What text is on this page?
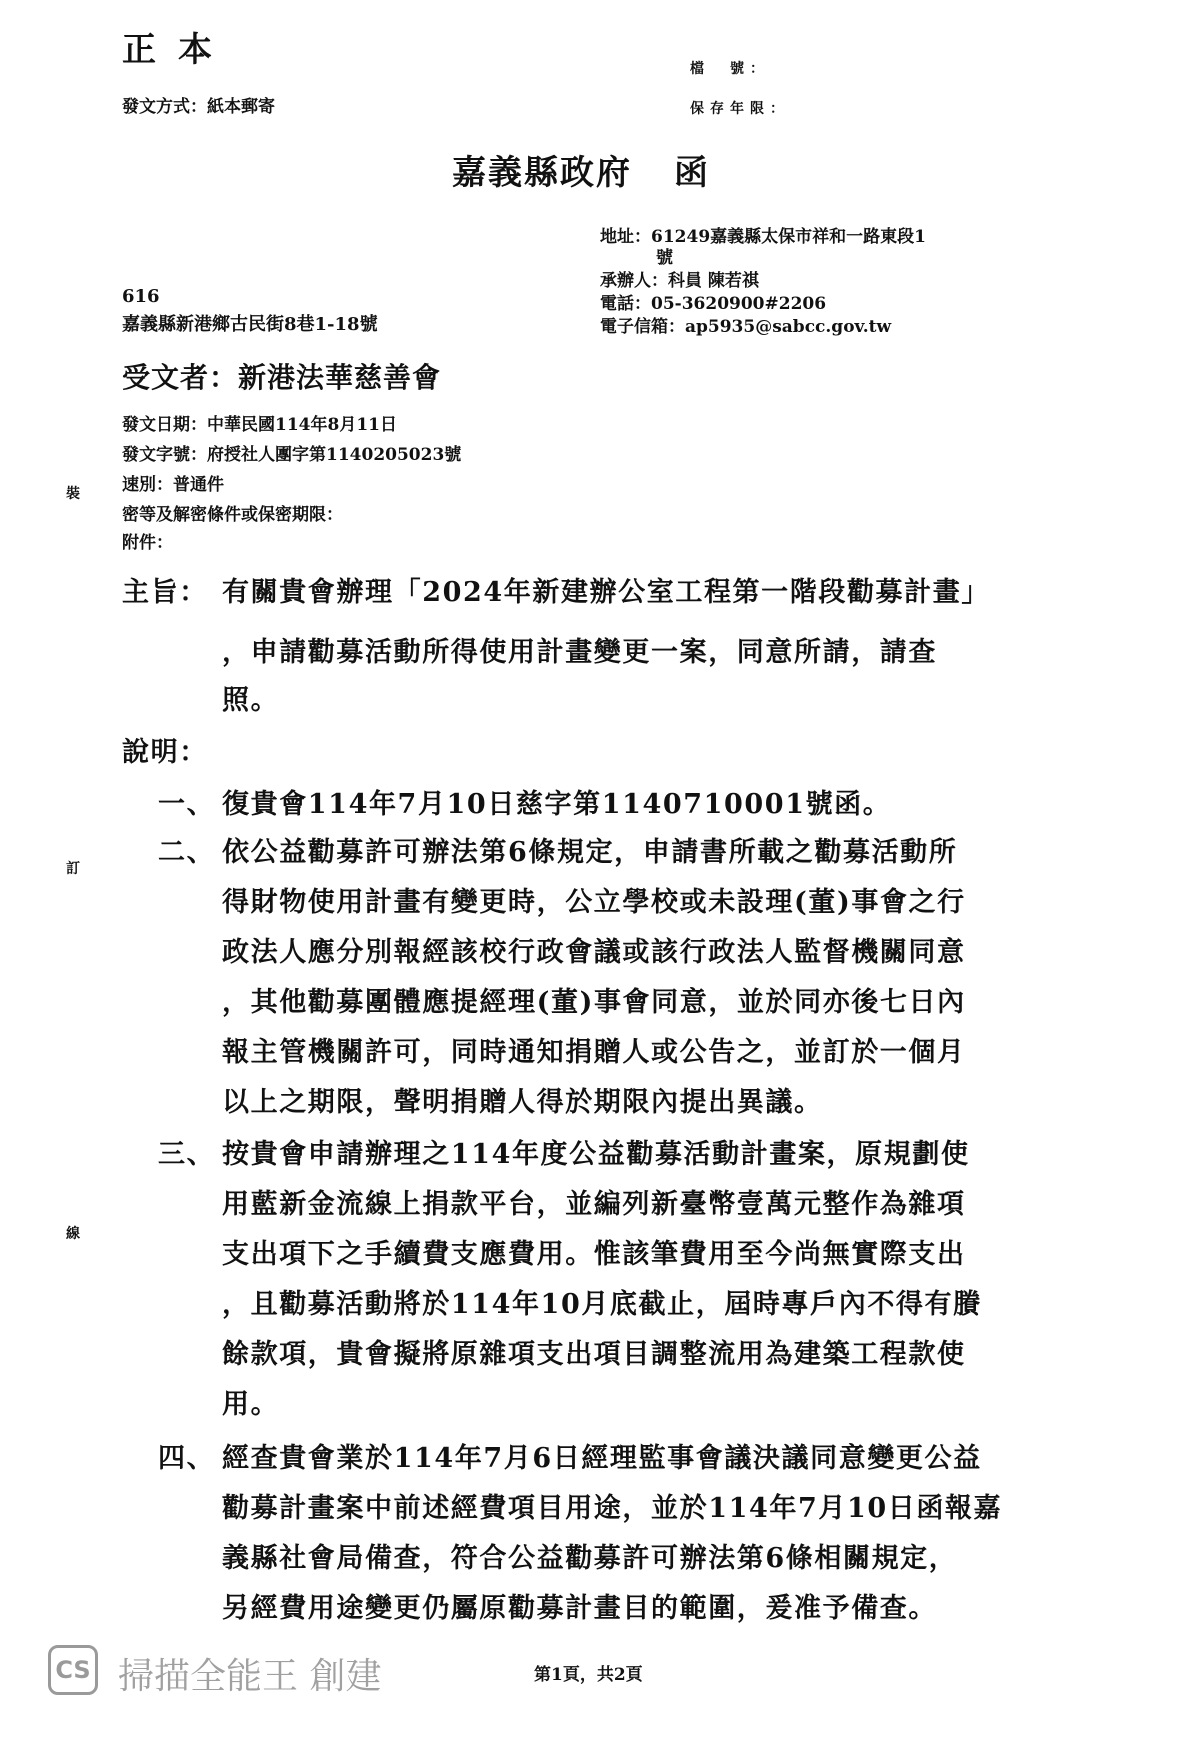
正本
發文方式：紙本郵寄
檔　號：
保存年限：
嘉義縣政府 函
地址：61249嘉義縣太保市祥和一路東段1
號
承辦人：科員 陳若祺
電話：05-3620900#2206
電子信箱：ap5935@sabcc.gov.tw
616
嘉義縣新港鄉古民街8巷1-18號
受文者：新港法華慈善會
發文日期：中華民國114年8月11日
發文字號：府授社人團字第1140205023號
速別：普通件
密等及解密條件或保密期限：
附件：
裝
訂
線
主旨： 有關貴會辦理「2024年新建辦公室工程第一階段勸募計畫」
，申請勸募活動所得使用計畫變更一案，同意所請，請查
照。
說明：
一、 復貴會114年7月10日慈字第1140710001號函。
二、 依公益勸募許可辦法第6條規定，申請書所載之勸募活動所
得財物使用計畫有變更時，公立學校或未設理(董)事會之行
政法人應分別報經該校行政會議或該行政法人監督機關同意
，其他勸募團體應提經理(董)事會同意，並於同亦後七日內
報主管機關許可，同時通知捐贈人或公告之，並訂於一個月
以上之期限，聲明捐贈人得於期限內提出異議。
三、 按貴會申請辦理之114年度公益勸募活動計畫案，原規劃使
用藍新金流線上捐款平台，並編列新臺幣壹萬元整作為雜項
支出項下之手續費支應費用。惟該筆費用至今尚無實際支出
，且勸募活動將於114年10月底截止，屆時專戶內不得有賸
餘款項，貴會擬將原雜項支出項目調整流用為建築工程款使
用。
四、 經查貴會業於114年7月6日經理監事會議決議同意變更公益
勸募計畫案中前述經費項目用途，並於114年7月10日函報嘉
義縣社會局備查，符合公益勸募許可辦法第6條相關規定，
另經費用途變更仍屬原勸募計畫目的範圍，爰准予備查。
CS 掃描全能王 創建	第1頁，共2頁
